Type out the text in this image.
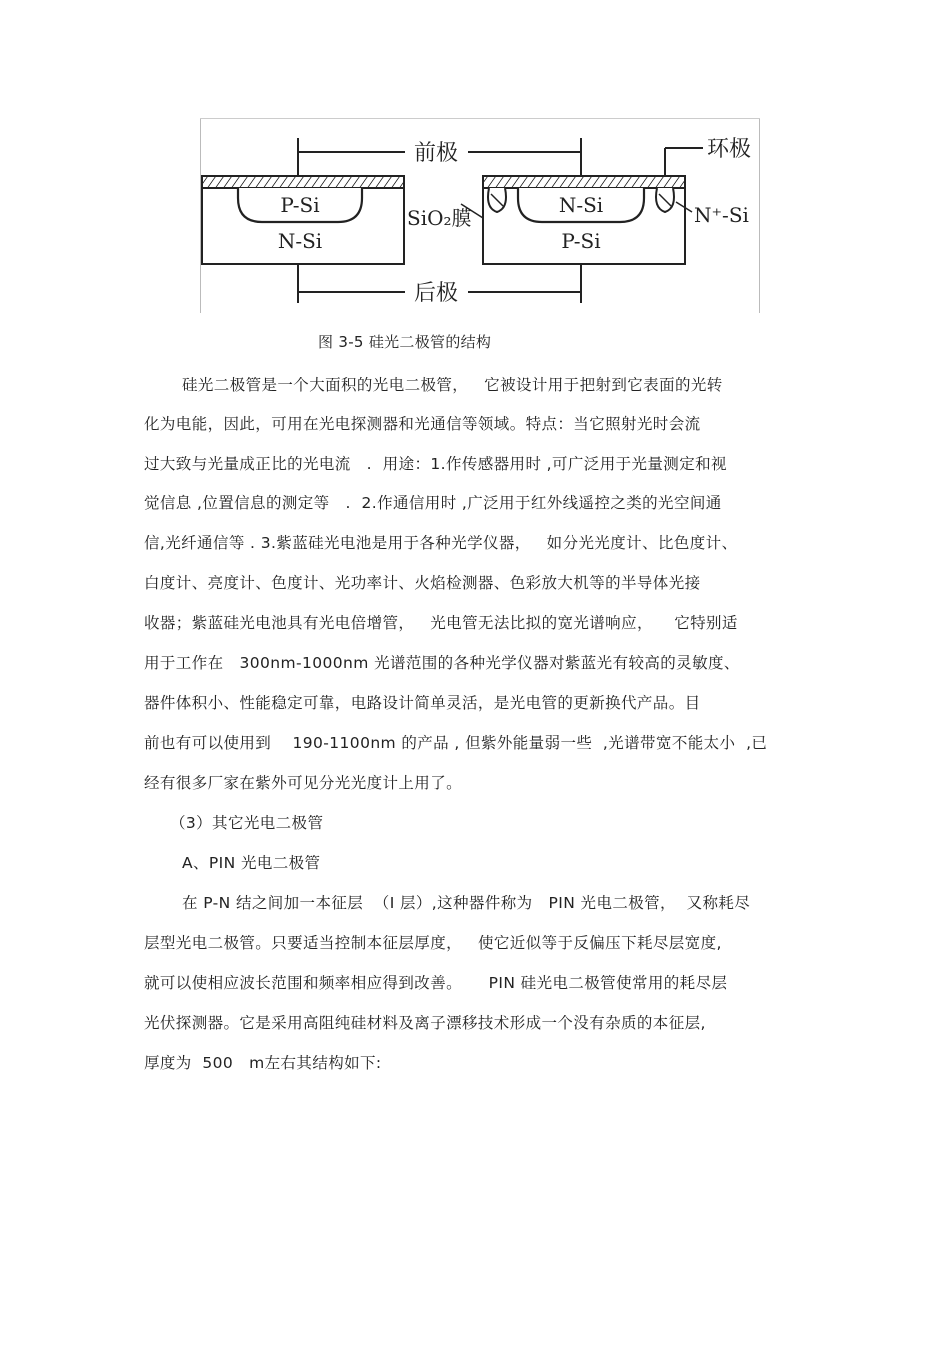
P-Si
N-Si
N-Si
P-Si
前极
后极
SiO₂膜
环极
N⁺-Si
图 3-5 硅光二极管的结构
硅光二极管是一个大面积的光电二极管，   它被设计用于把射到它表面的光转
化为电能，因此，可用在光电探测器和光通信等领域。特点：当它照射光时会流
过大致与光量成正比的光电流   .  用途：1.作传感器用时 ,可广泛用于光量测定和视
觉信息 ,位置信息的测定等   .  2.作通信用时 ,广泛用于红外线遥控之类的光空间通
信,光纤通信等 . 3.紫蓝硅光电池是用于各种光学仪器，   如分光光度计、比色度计、
白度计、亮度计、色度计、光功率计、火焰检测器、色彩放大机等的半导体光接
收器；紫蓝硅光电池具有光电倍增管，   光电管无法比拟的宽光谱响应，    它特别适
用于工作在   300nm-1000nm 光谱范围的各种光学仪器对紫蓝光有较高的灵敏度、
器件体积小、性能稳定可靠，电路设计简单灵活，是光电管的更新换代产品。目
前也有可以使用到    190-1100nm 的产品 , 但紫外能量弱一些  ,光谱带宽不能太小  ,已
经有很多厂家在紫外可见分光光度计上用了。
（3）其它光电二极管
A、PIN 光电二极管
在 P-N 结之间加一本征层  （I 层）,这种器件称为   PIN 光电二极管，  又称耗尽
层型光电二极管。只要适当控制本征层厚度，   使它近似等于反偏压下耗尽层宽度,
就可以使相应波长范围和频率相应得到改善。     PIN 硅光电二极管使常用的耗尽层
光伏探测器。它是采用高阻纯硅材料及离子漂移技术形成一个没有杂质的本征层,
厚度为  500   m左右其结构如下:
